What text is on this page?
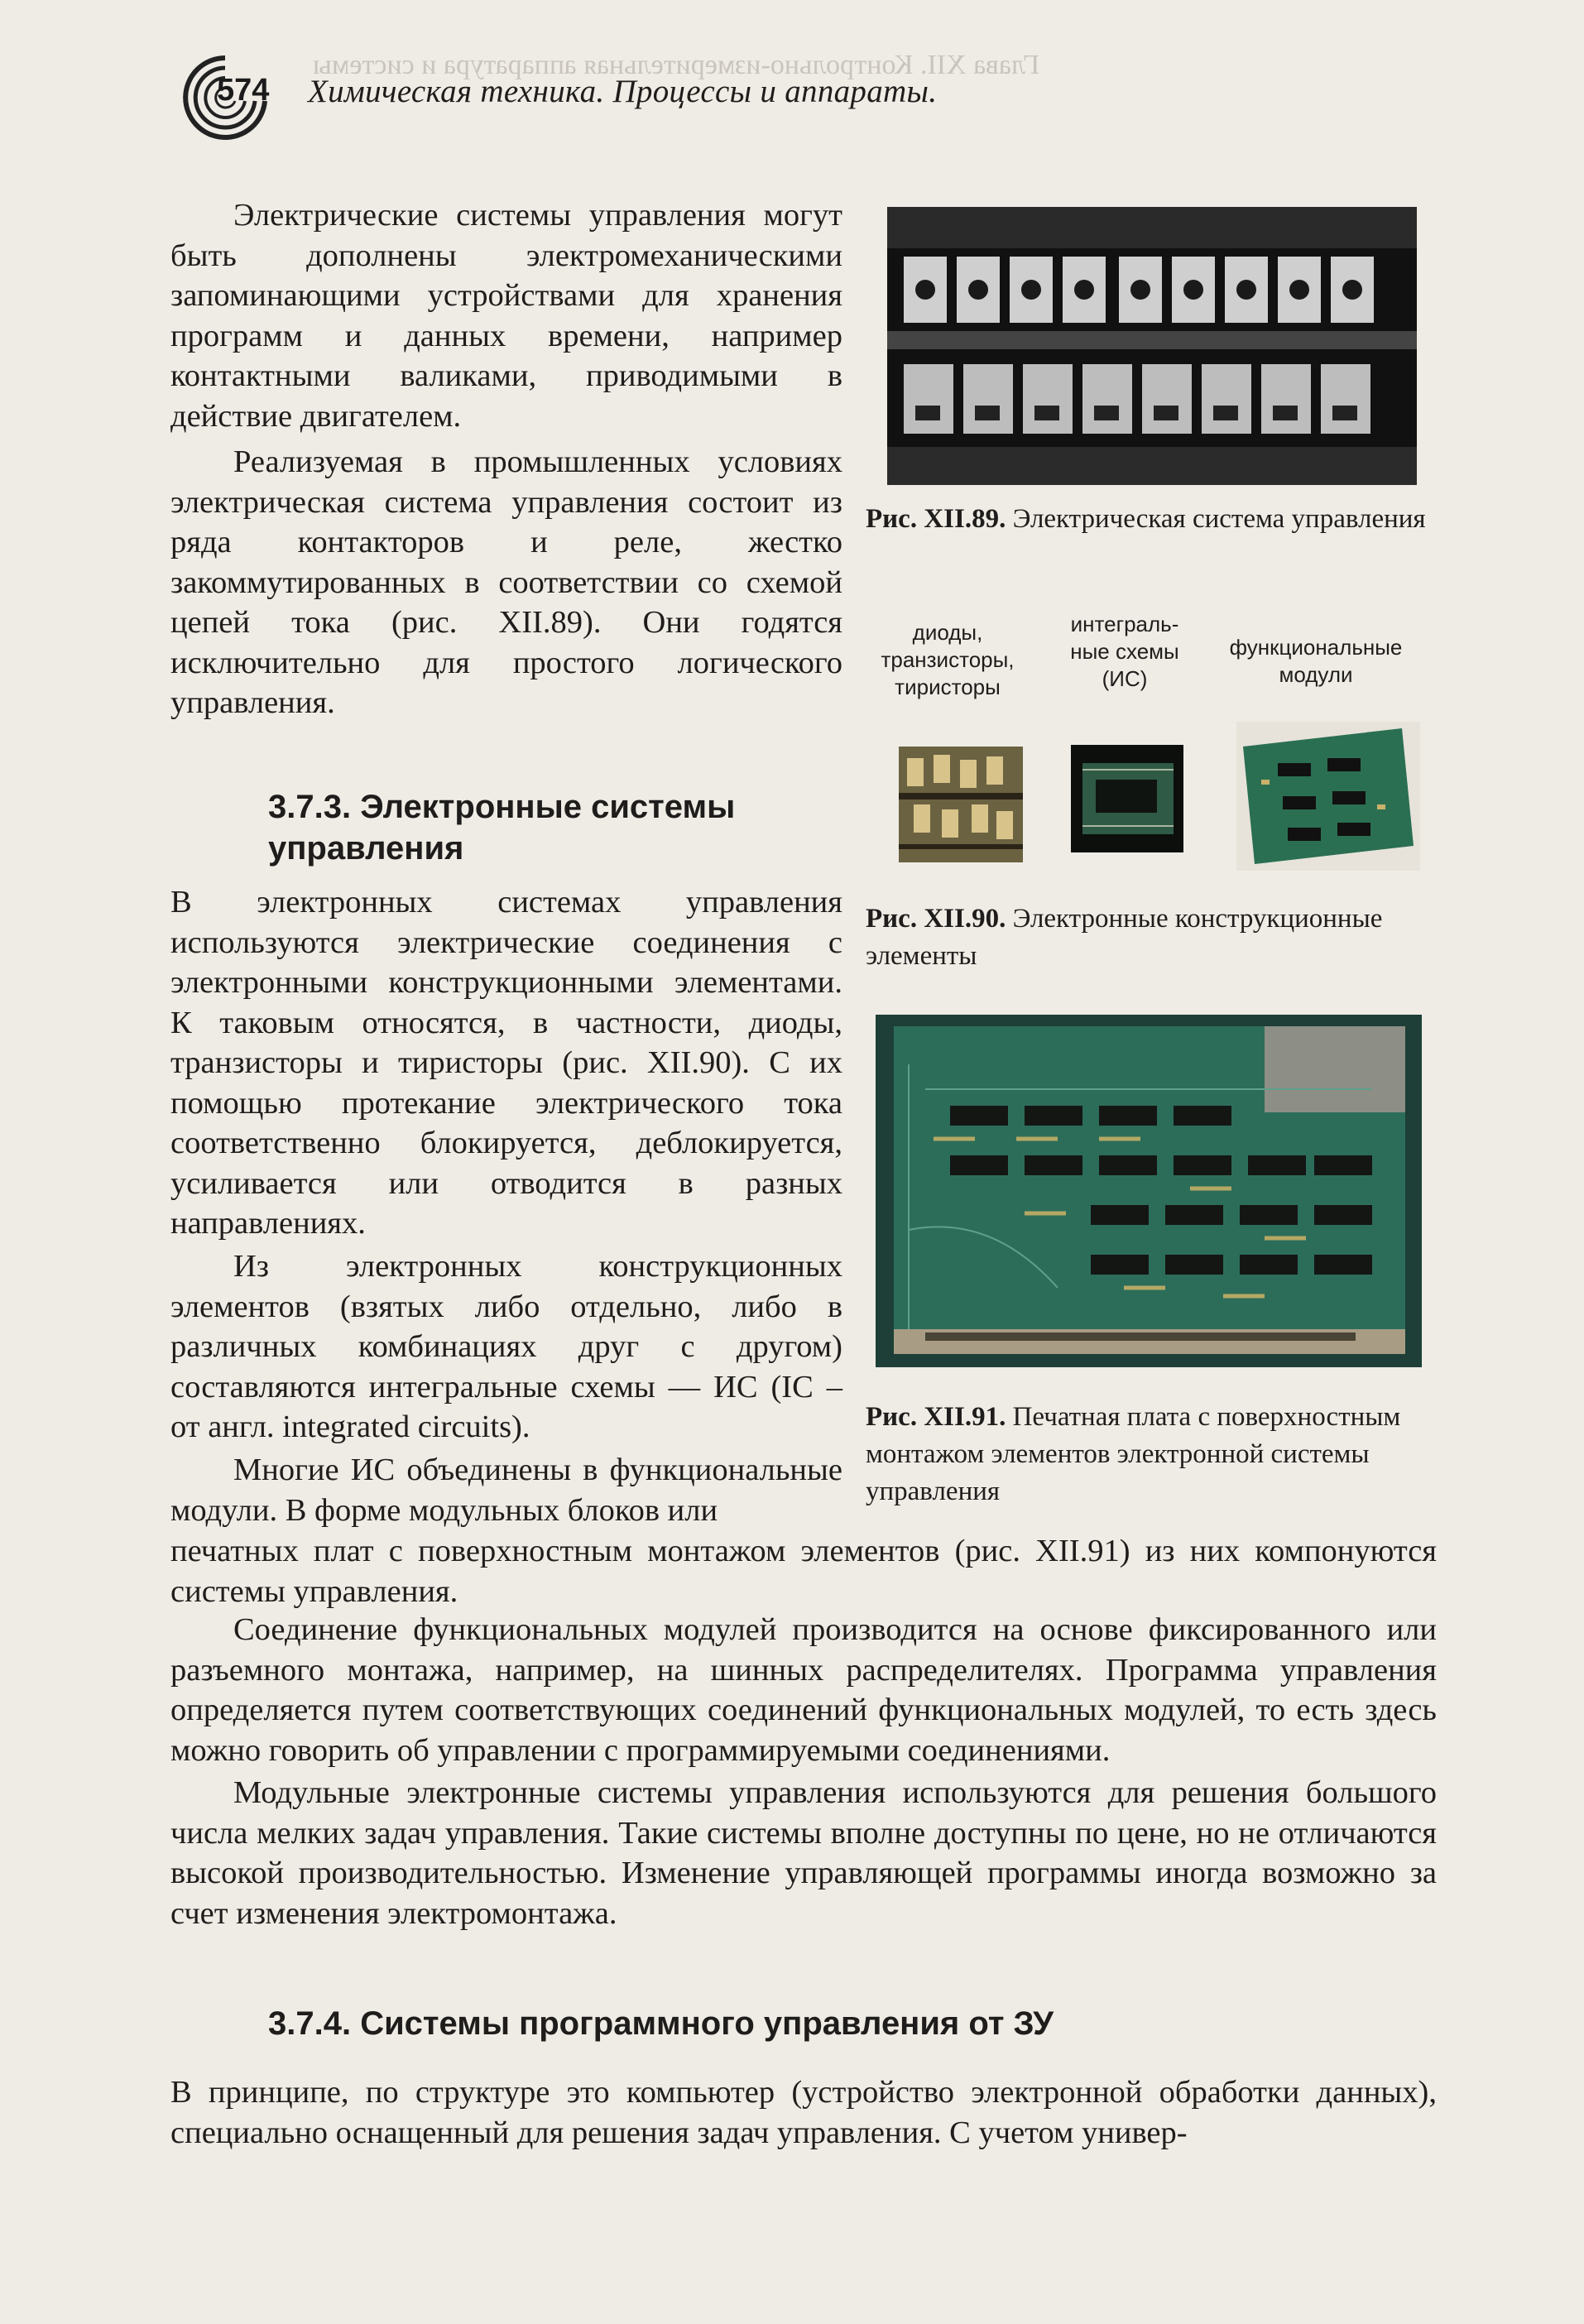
Глава XII. Контрольно-измерительная аппаратура и системы
574 Химическая техника. Процессы и аппараты.

Электрические системы управления могут быть дополнены электромеханическими запоминающими устройствами для хранения программ и данных времени, например контактными валиками, приводимыми в действие двигателем.

Реализуемая в промышленных условиях электрическая система управления состоит из ряда контакторов и реле, жестко закоммутированных в соответствии со схемой цепей тока (рис. XII.89). Они годятся исключительно для простого логического управления.

3.7.3. Электронные системы управления

В электронных системах управления используются электрические соединения с электронными конструкционными элементами. К таковым относятся, в частности, диоды, транзисторы и тиристоры (рис. XII.90). С их помощью протекание электрического тока соответственно блокируется, деблокируется, усиливается или отводится в разных направлениях.

Из электронных конструкционных элементов (взятых либо отдельно, либо в различных комбинациях друг с другом) составляются интегральные схемы — ИС (IC – от англ. integrated circuits).

Многие ИС объединены в функциональные модули. В форме модульных блоков или

печатных плат с поверхностным монтажом элементов (рис. XII.91) из них компонуются системы управления.

Соединение функциональных модулей производится на основе фиксированного или разъемного монтажа, например, на шинных распределителях. Программа управления определяется путем соответствующих соединений функциональных модулей, то есть здесь можно говорить об управлении с программируемыми соединениями.

Модульные электронные системы управления используются для решения большого числа мелких задач управления. Такие системы вполне доступны по цене, но не отличаются высокой производительностью. Изменение управляющей программы иногда возможно за счет изменения электромонтажа.

3.7.4. Системы программного управления от ЗУ

В принципе, по структуре это компьютер (устройство электронной обработки данных), специально оснащенный для решения задач управления. С учетом универ-

Рис. XII.89. Электрическая система управления

диоды, транзисторы, тиристоры
интеграль-ные схемы (ИС)
функциональные модули

Рис. XII.90. Электронные конструкционные элементы

Рис. XII.91. Печатная плата с поверхностным монтажом элементов электронной системы управления
